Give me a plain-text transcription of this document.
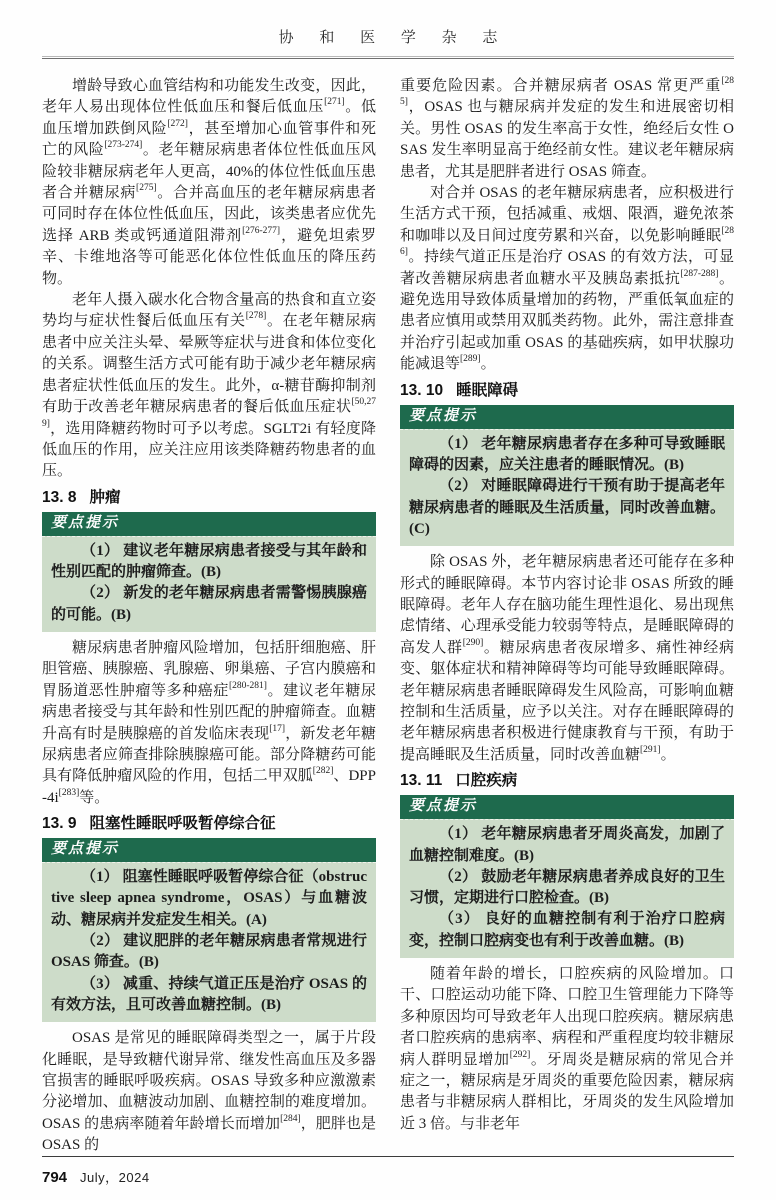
协 和 医 学 杂 志

增龄导致心血管结构和功能发生改变，因此，老年人易出现体位性低血压和餐后低血压[271]。低血压增加跌倒风险[272]，甚至增加心血管事件和死亡的风险[273-274]。老年糖尿病患者体位性低血压风险较非糖尿病老年人更高，40%的体位性低血压患者合并糖尿病[275]。合并高血压的老年糖尿病患者可同时存在体位性低血压，因此，该类患者应优先选择 ARB 类或钙通道阻滞剂[276-277]，避免坦索罗辛、卡维地洛等可能恶化体位性低血压的降压药物。

老年人摄入碳水化合物含量高的热食和直立姿势均与症状性餐后低血压有关[278]。在老年糖尿病患者中应关注头晕、晕厥等症状与进食和体位变化的关系。调整生活方式可能有助于减少老年糖尿病患者症状性低血压的发生。此外，α-糖苷酶抑制剂有助于改善老年糖尿病患者的餐后低血压症状[50,279]，选用降糖药物时可予以考虑。SGLT2i 有轻度降低血压的作用，应关注应用该类降糖药物患者的血压。

13. 8 肿瘤
要点提示

（1） 建议老年糖尿病患者接受与其年龄和性别匹配的肿瘤筛查。(B)

（2） 新发的老年糖尿病患者需警惕胰腺癌的可能。(B)

糖尿病患者肿瘤风险增加，包括肝细胞癌、肝胆管癌、胰腺癌、乳腺癌、卵巢癌、子宫内膜癌和胃肠道恶性肿瘤等多种癌症[280-281]。建议老年糖尿病患者接受与其年龄和性别匹配的肿瘤筛查。血糖升高有时是胰腺癌的首发临床表现[17]，新发老年糖尿病患者应筛查排除胰腺癌可能。部分降糖药可能具有降低肿瘤风险的作用，包括二甲双胍[282]、DPP-4i[283]等。

13. 9 阻塞性睡眠呼吸暂停综合征
要点提示

（1） 阻塞性睡眠呼吸暂停综合征（obstructive sleep apnea syndrome，OSAS）与血糖波动、糖尿病并发症发生相关。(A)

（2） 建议肥胖的老年糖尿病患者常规进行 OSAS 筛查。(B)

（3） 减重、持续气道正压是治疗 OSAS 的有效方法，且可改善血糖控制。(B)

OSAS 是常见的睡眠障碍类型之一，属于片段化睡眠，是导致糖代谢异常、继发性高血压及多器官损害的睡眠呼吸疾病。OSAS 导致多种应激激素分泌增加、血糖波动加剧、血糖控制的难度增加。OSAS 的患病率随着年龄增长而增加[284]，肥胖也是 OSAS 的

重要危险因素。合并糖尿病者 OSAS 常更严重[285]，OSAS 也与糖尿病并发症的发生和进展密切相关。男性 OSAS 的发生率高于女性，绝经后女性 OSAS 发生率明显高于绝经前女性。建议老年糖尿病患者，尤其是肥胖者进行 OSAS 筛查。

对合并 OSAS 的老年糖尿病患者，应积极进行生活方式干预，包括减重、戒烟、限酒，避免浓茶和咖啡以及日间过度劳累和兴奋，以免影响睡眠[286]。持续气道正压是治疗 OSAS 的有效方法，可显著改善糖尿病患者血糖水平及胰岛素抵抗[287-288]。避免选用导致体质量增加的药物，严重低氧血症的患者应慎用或禁用双胍类药物。此外，需注意排查并治疗引起或加重 OSAS 的基础疾病，如甲状腺功能减退等[289]。

13. 10 睡眠障碍
要点提示

（1） 老年糖尿病患者存在多种可导致睡眠障碍的因素，应关注患者的睡眠情况。(B)

（2） 对睡眠障碍进行干预有助于提高老年糖尿病患者的睡眠及生活质量，同时改善血糖。(C)

除 OSAS 外，老年糖尿病患者还可能存在多种形式的睡眠障碍。本节内容讨论非 OSAS 所致的睡眠障碍。老年人存在脑功能生理性退化、易出现焦虑情绪、心理承受能力较弱等特点，是睡眠障碍的高发人群[290]。糖尿病患者夜尿增多、痛性神经病变、躯体症状和精神障碍等均可能导致睡眠障碍。老年糖尿病患者睡眠障碍发生风险高，可影响血糖控制和生活质量，应予以关注。对存在睡眠障碍的老年糖尿病患者积极进行健康教育与干预，有助于提高睡眠及生活质量，同时改善血糖[291]。

13. 11 口腔疾病
要点提示

（1） 老年糖尿病患者牙周炎高发，加剧了血糖控制难度。(B)

（2） 鼓励老年糖尿病患者养成良好的卫生习惯，定期进行口腔检查。(B)

（3） 良好的血糖控制有利于治疗口腔病变，控制口腔病变也有利于改善血糖。(B)

随着年龄的增长，口腔疾病的风险增加。口干、口腔运动功能下降、口腔卫生管理能力下降等多种原因均可导致老年人出现口腔疾病。糖尿病患者口腔疾病的患病率、病程和严重程度均较非糖尿病人群明显增加[292]。牙周炎是糖尿病的常见合并症之一，糖尿病是牙周炎的重要危险因素，糖尿病患者与非糖尿病人群相比，牙周炎的发生风险增加近 3 倍。与非老年

794 July，2024
